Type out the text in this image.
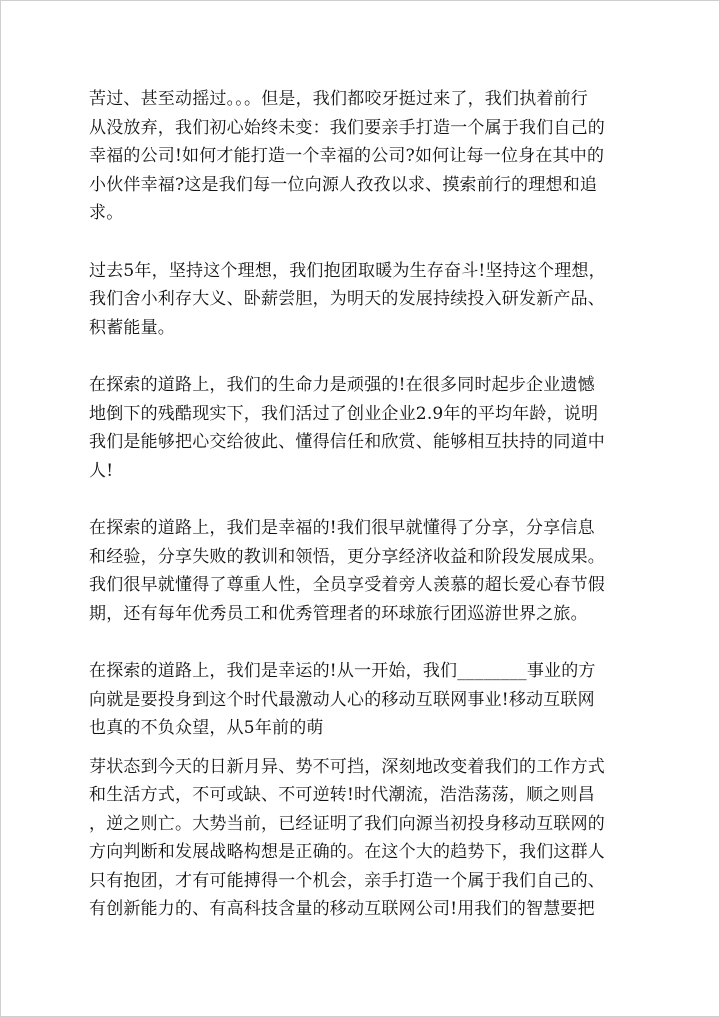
苦过、甚至动摇过。。。但是，我们都咬牙挺过来了，我们执着前行
从没放弃，我们初心始终未变：我们要亲手打造一个属于我们自己的
幸福的公司!如何才能打造一个幸福的公司?如何让每一位身在其中的
小伙伴幸福?这是我们每一位向源人孜孜以求、摸索前行的理想和追
求。

过去5年，坚持这个理想，我们抱团取暖为生存奋斗!坚持这个理想，
我们舍小利存大义、卧薪尝胆，为明天的发展持续投入研发新产品、
积蓄能量。

在探索的道路上，我们的生命力是顽强的!在很多同时起步企业遗憾
地倒下的残酷现实下，我们活过了创业企业2.9年的平均年龄，说明
我们是能够把心交给彼此、懂得信任和欣赏、能够相互扶持的同道中
人!

在探索的道路上，我们是幸福的!我们很早就懂得了分享，分享信息
和经验，分享失败的教训和领悟，更分享经济收益和阶段发展成果。
我们很早就懂得了尊重人性，全员享受着旁人羡慕的超长爱心春节假
期，还有每年优秀员工和优秀管理者的环球旅行团巡游世界之旅。

在探索的道路上，我们是幸运的!从一开始，我们________事业的方
向就是要投身到这个时代最激动人心的移动互联网事业!移动互联网
也真的不负众望，从5年前的萌

芽状态到今天的日新月异、势不可挡，深刻地改变着我们的工作方式
和生活方式，不可或缺、不可逆转!时代潮流，浩浩荡荡，顺之则昌
，逆之则亡。大势当前，已经证明了我们向源当初投身移动互联网的
方向判断和发展战略构想是正确的。在这个大的趋势下，我们这群人
只有抱团，才有可能搏得一个机会，亲手打造一个属于我们自己的、
有创新能力的、有高科技含量的移动互联网公司!用我们的智慧要把
